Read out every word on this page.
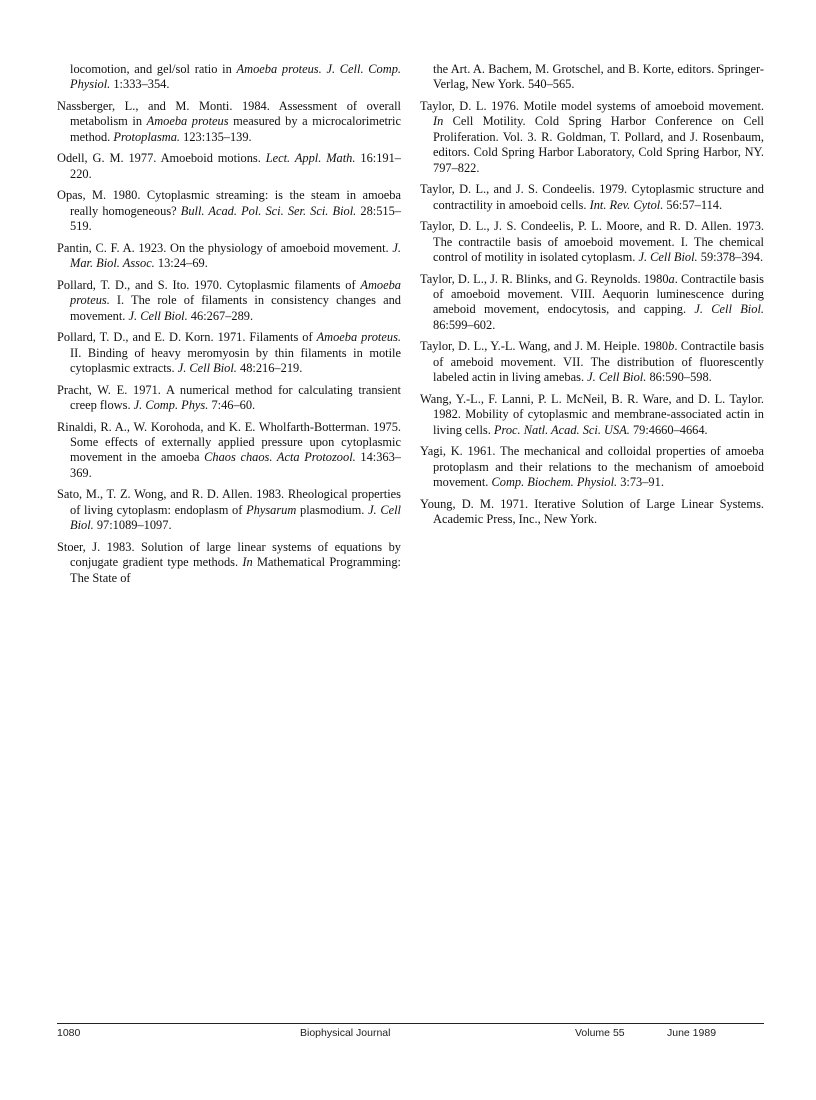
locomotion, and gel/sol ratio in Amoeba proteus. J. Cell. Comp. Physiol. 1:333–354.

Nassberger, L., and M. Monti. 1984. Assessment of overall metabolism in Amoeba proteus measured by a microcalorimetric method. Protoplasma. 123:135–139.

Odell, G. M. 1977. Amoeboid motions. Lect. Appl. Math. 16:191–220.

Opas, M. 1980. Cytoplasmic streaming: is the steam in amoeba really homogeneous? Bull. Acad. Pol. Sci. Ser. Sci. Biol. 28:515–519.

Pantin, C. F. A. 1923. On the physiology of amoeboid movement. J. Mar. Biol. Assoc. 13:24–69.

Pollard, T. D., and S. Ito. 1970. Cytoplasmic filaments of Amoeba proteus. I. The role of filaments in consistency changes and movement. J. Cell Biol. 46:267–289.

Pollard, T. D., and E. D. Korn. 1971. Filaments of Amoeba proteus. II. Binding of heavy meromyosin by thin filaments in motile cytoplasmic extracts. J. Cell Biol. 48:216–219.

Pracht, W. E. 1971. A numerical method for calculating transient creep flows. J. Comp. Phys. 7:46–60.

Rinaldi, R. A., W. Korohoda, and K. E. Wholfarth-Botterman. 1975. Some effects of externally applied pressure upon cytoplasmic movement in the amoeba Chaos chaos. Acta Protozool. 14:363–369.

Sato, M., T. Z. Wong, and R. D. Allen. 1983. Rheological properties of living cytoplasm: endoplasm of Physarum plasmodium. J. Cell Biol. 97:1089–1097.

Stoer, J. 1983. Solution of large linear systems of equations by conjugate gradient type methods. In Mathematical Programming: The State of

the Art. A. Bachem, M. Grotschel, and B. Korte, editors. Springer-Verlag, New York. 540–565.

Taylor, D. L. 1976. Motile model systems of amoeboid movement. In Cell Motility. Cold Spring Harbor Conference on Cell Proliferation. Vol. 3. R. Goldman, T. Pollard, and J. Rosenbaum, editors. Cold Spring Harbor Laboratory, Cold Spring Harbor, NY. 797–822.

Taylor, D. L., and J. S. Condeelis. 1979. Cytoplasmic structure and contractility in amoeboid cells. Int. Rev. Cytol. 56:57–114.

Taylor, D. L., J. S. Condeelis, P. L. Moore, and R. D. Allen. 1973. The contractile basis of amoeboid movement. I. The chemical control of motility in isolated cytoplasm. J. Cell Biol. 59:378–394.

Taylor, D. L., J. R. Blinks, and G. Reynolds. 1980a. Contractile basis of amoeboid movement. VIII. Aequorin luminescence during ameboid movement, endocytosis, and capping. J. Cell Biol. 86:599–602.

Taylor, D. L., Y.-L. Wang, and J. M. Heiple. 1980b. Contractile basis of ameboid movement. VII. The distribution of fluorescently labeled actin in living amebas. J. Cell Biol. 86:590–598.

Wang, Y.-L., F. Lanni, P. L. McNeil, B. R. Ware, and D. L. Taylor. 1982. Mobility of cytoplasmic and membrane-associated actin in living cells. Proc. Natl. Acad. Sci. USA. 79:4660–4664.

Yagi, K. 1961. The mechanical and colloidal properties of amoeba protoplasm and their relations to the mechanism of amoeboid movement. Comp. Biochem. Physiol. 3:73–91.

Young, D. M. 1971. Iterative Solution of Large Linear Systems. Academic Press, Inc., New York.

1080	Biophysical Journal	Volume 55	June 1989
